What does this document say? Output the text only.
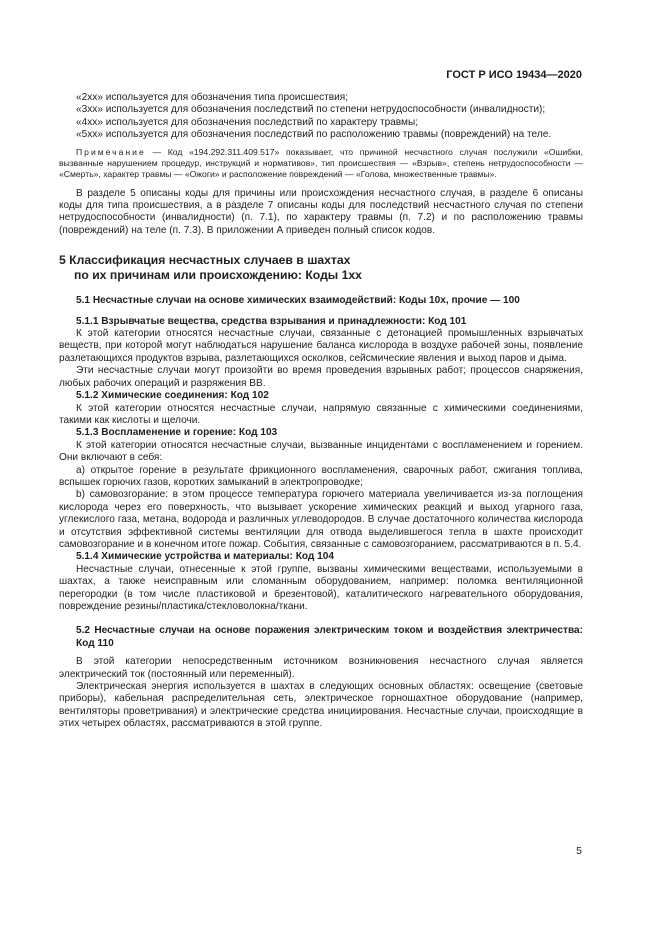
ГОСТ Р ИСО 19434—2020

«2xx» используется для обозначения типа происшествия;

«3xx» используется для обозначения последствий по степени нетрудоспособности (инвалидности);

«4xx» используется для обозначения последствий по характеру травмы;

«5xx» используется для обозначения последствий по расположению травмы (повреждений) на теле.

Примечание — Код «194.292.311.409.517» показывает, что причиной несчастного случая послужили «Ошибки, вызванные нарушением процедур, инструкций и нормативов», тип происшествия — «Взрыв», степень нетрудоспособности — «Смерть», характер травмы — «Ожоги» и расположение повреждений — «Голова, множественные травмы».

В разделе 5 описаны коды для причины или происхождения несчастного случая, в разделе 6 описаны коды для типа происшествия, а в разделе 7 описаны коды для последствий несчастного случая по степени нетрудоспособности (инвалидности) (п. 7.1), по характеру травмы (п. 7.2) и по расположению травмы (повреждений) на теле (п. 7.3). В приложении А приведен полный список кодов.

5 Классификация несчастных случаев в шахтах
по их причинам или происхождению: Коды 1xx
5.1 Несчастные случаи на основе химических взаимодействий: Коды 10x, прочие — 100
5.1.1 Взрывчатые вещества, средства взрывания и принадлежности: Код 101

К этой категории относятся несчастные случаи, связанные с детонацией промышленных взрывчатых веществ, при которой могут наблюдаться нарушение баланса кислорода в воздухе рабочей зоны, появление разлетающихся продуктов взрыва, разлетающихся осколков, сейсмические явления и выход паров и дыма.

Эти несчастные случаи могут произойти во время проведения взрывных работ; процессов снаряжения, любых рабочих операций и разряжения ВВ.

5.1.2 Химические соединения: Код 102

К этой категории относятся несчастные случаи, напрямую связанные с химическими соединениями, такими как кислоты и щелочи.

5.1.3 Воспламенение и горение: Код 103

К этой категории относятся несчастные случаи, вызванные инцидентами с воспламенением и горением. Они включают в себя:

а) открытое горение в результате фрикционного воспламенения, сварочных работ, сжигания топлива, вспышек горючих газов, коротких замыканий в электропроводке;

b) самовозгорание: в этом процессе температура горючего материала увеличивается из-за поглощения кислорода через его поверхность, что вызывает ускорение химических реакций и выход угарного газа, углекислого газа, метана, водорода и различных углеводородов. В случае достаточного количества кислорода и отсутствия эффективной системы вентиляции для отвода выделившегося тепла в шахте происходит самовозгорание и в конечном итоге пожар. События, связанные с самовозгоранием, рассматриваются в п. 5.4.

5.1.4 Химические устройства и материалы: Код 104

Несчастные случаи, отнесенные к этой группе, вызваны химическими веществами, используемыми в шахтах, а также неисправным или сломанным оборудованием, например: поломка вентиляционной перегородки (в том числе пластиковой и брезентовой), каталитического нагревательного оборудования, повреждение резины/пластика/стекловолокна/ткани.

5.2 Несчастные случаи на основе поражения электрическим током и воздействия электричества: Код 110

В этой категории непосредственным источником возникновения несчастного случая является электрический ток (постоянный или переменный).

Электрическая энергия используется в шахтах в следующих основных областях: освещение (световые приборы), кабельная распределительная сеть, электрическое горношахтное оборудование (например, вентиляторы проветривания) и электрические средства инициирования. Несчастные случаи, происходящие в этих четырех областях, рассматриваются в этой группе.

5
